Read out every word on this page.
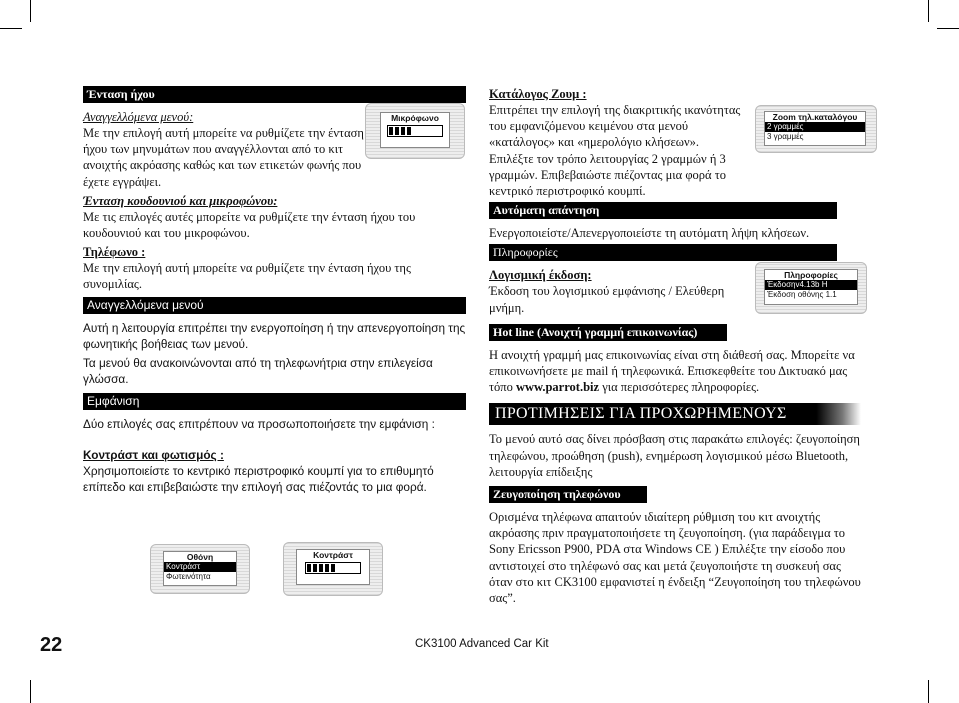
Ένταση ήχου
Αναγγελλόμενα μενού:
Με την επιλογή αυτή μπορείτε να ρυθμίζετε την ένταση ήχου των μηνυμάτων που αναγγέλλονται από το κιτ ανοιχτής ακρόασης καθώς και των ετικετών φωνής που έχετε εγγράψει.
Ένταση κουδουνιού και μικροφώνου:
Με τις επιλογές αυτές μπορείτε να ρυθμίζετε την ένταση ήχου του κουδουνιού και του μικροφώνου.
Τηλέφωνο :
Με την επιλογή αυτή μπορείτε να ρυθμίζετε την ένταση ήχου της συνομιλίας.
Αναγγελλόμενα μενού
Αυτή η λειτουργία επιτρέπει την ενεργοποίηση ή την απενεργοποίηση της φωνητικής βοήθειας των μενού.
Τα μενού θα ανακοινώνονται από τη τηλεφωνήτρια στην επιλεγείσα γλώσσα.
Εμφάνιση
Δύο επιλογές σας επιτρέπουν να προσωποποιήσετε την εμφάνιση :
Κοντράστ και φωτισμός :
Χρησιμοποιείστε το κεντρικό περιστροφικό κουμπί για το επιθυμητό επίπεδο και επιβεβαιώστε την επιλογή σας πιέζοντάς το μια φορά.
Μικρόφωνο
Οθόνη
Κοντράστ
Φωτεινότητα
Κοντράστ
Κατάλογος Ζουμ :
Επιτρέπει την επιλογή της διακριτικής ικανότητας του εμφανιζόμενου κειμένου στα μενού «κατάλογος» και «ημερολόγιο κλήσεων». Επιλέξτε τον τρόπο λειτουργίας 2 γραμμών ή 3 γραμμών. Επιβεβαιώστε πιέζοντας μια φορά το κεντρικό περιστροφικό κουμπί.
Αυτόματη απάντηση
Ενεργοποιείστε/Απενεργοποιείστε τη αυτόματη λήψη κλήσεων.
Πληροφορίες
Λογισμική έκδοση:
Έκδοση του λογισμικού εμφάνισης / Ελεύθερη μνήμη.
Hot line (Ανοιχτή γραμμή επικοινωνίας)
Η ανοιχτή γραμμή μας επικοινωνίας είναι στη διάθεσή σας. Μπορείτε να επικοινωνήσετε με mail ή τηλεφωνικά. Επισκεφθείτε του Δικτυακό μας τόπο www.parrot.biz για περισσότερες πληροφορίες.
ΠΡΟΤΙΜΗΣΕΙΣ ΓΙΑ ΠΡΟΧΩΡΗΜΕΝΟΥΣ
Το μενού αυτό σας δίνει πρόσβαση στις παρακάτω επιλογές: ζευγοποίηση τηλεφώνου, προώθηση (push), ενημέρωση λογισμικού μέσω Bluetooth, λειτουργία επίδειξης
Ζευγοποίηση τηλεφώνου
Ορισμένα τηλέφωνα απαιτούν ιδιαίτερη ρύθμιση του κιτ ανοιχτής ακρόασης πριν πραγματοποιήσετε τη ζευγοποίηση. (για παράδειγμα το Sony Ericsson P900, PDA στα Windows CE ) Επιλέξτε την είσοδο που αντιστοιχεί στο τηλέφωνό σας και μετά ζευγοποιήστε τη συσκευή σας όταν στο κιτ CK3100 εμφανιστεί η ένδειξη “Ζευγοποίηση του τηλεφώνου σας”.
Zoom τηλ.καταλόγου
2 γραμμές
3 γραμμές
Πληροφορίες
Έκδοσηv4.13b H
Έκδοση οθόνης 1.1
22	CK3100 Advanced Car Kit
